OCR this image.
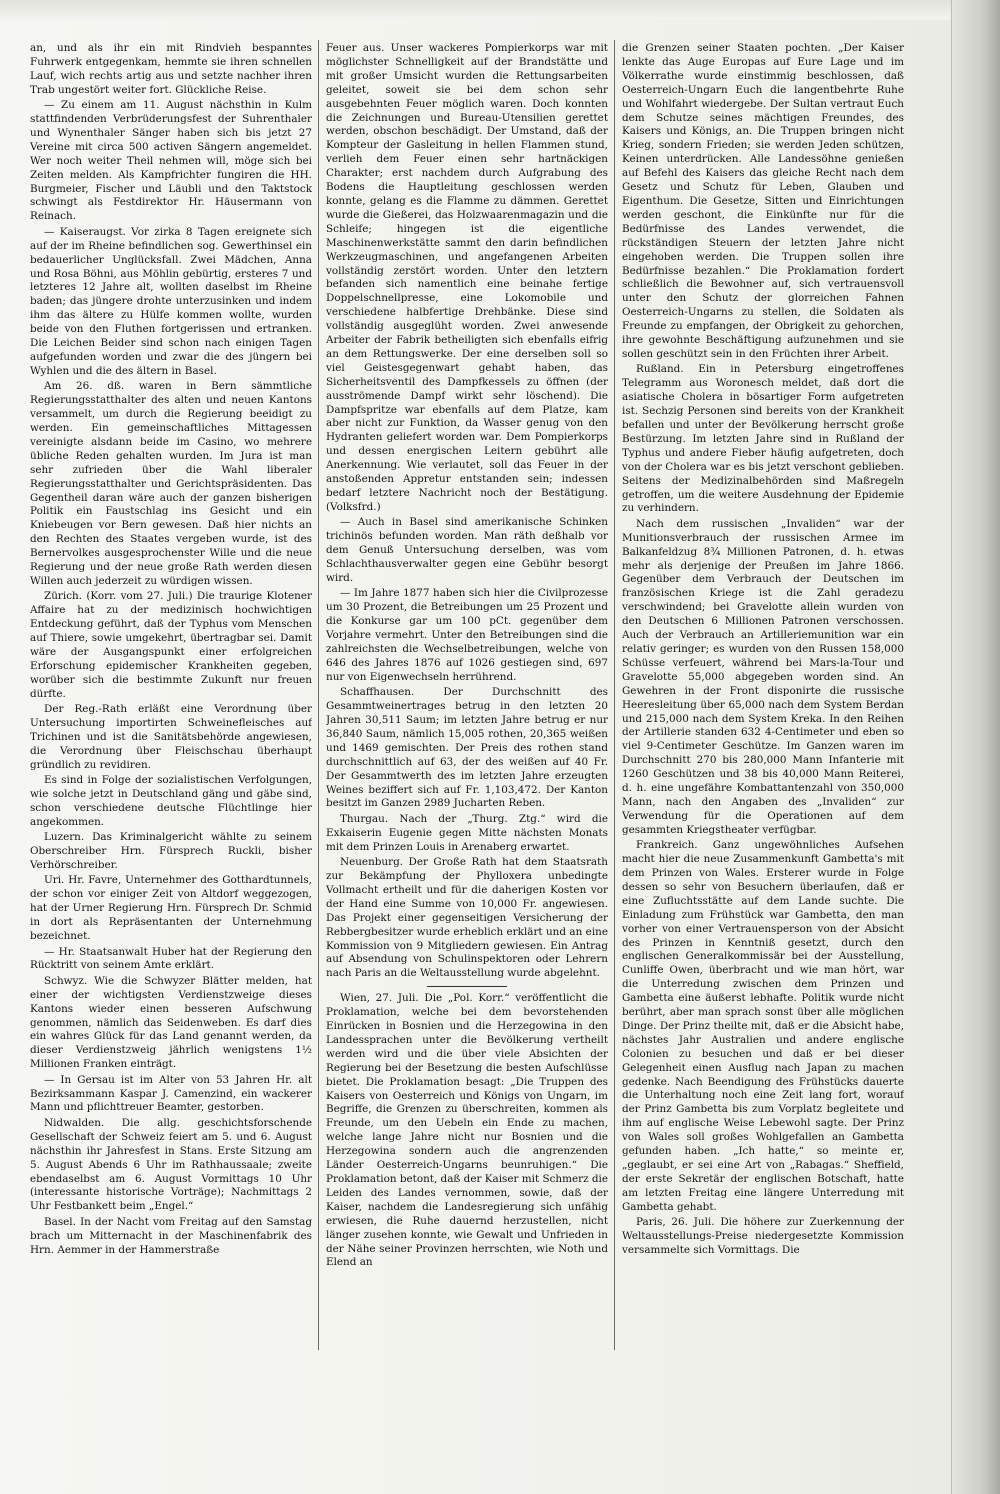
an, und als ihr ein mit Rindvieh bespanntes Fuhrwerk entgegenkam, hemmte sie ihren schnellen Lauf, wich rechts artig aus und setzte nachher ihren Trab ungestört weiter fort. Glückliche Reise.

— Zu einem am 11. August nächsthin in Kulm stattfindenden Verbrüderungsfest der Suhrenthaler und Wynenthaler Sänger haben sich bis jetzt 27 Vereine mit circa 500 activen Sängern angemeldet. Wer noch weiter Theil nehmen will, möge sich bei Zeiten melden. Als Kampfrichter fungiren die HH. Burgmeier, Fischer und Läubli und den Taktstock schwingt als Festdirektor Hr. Häusermann von Reinach.

— Kaiseraugst. Vor zirka 8 Tagen ereignete sich auf der im Rheine befindlichen sog. Gewerthinsel ein bedauerlicher Unglücksfall. Zwei Mädchen, Anna und Rosa Böhni, aus Möhlin gebürtig, ersteres 7 und letzteres 12 Jahre alt, wollten daselbst im Rheine baden; das jüngere drohte unterzusinken und indem ihm das ältere zu Hülfe kommen wollte, wurden beide von den Fluthen fortgerissen und ertranken. Die Leichen Beider sind schon nach einigen Tagen aufgefunden worden und zwar die des jüngern bei Wyhlen und die des ältern in Basel.

Am 26. dß. waren in Bern sämmtliche Regierungsstatthalter des alten und neuen Kantons versammelt, um durch die Regierung beeidigt zu werden. Ein gemeinschaftliches Mittagessen vereinigte alsdann beide im Casino, wo mehrere übliche Reden gehalten wurden. Im Jura ist man sehr zufrieden über die Wahl liberaler Regierungsstatthalter und Gerichtspräsidenten. Das Gegentheil daran wäre auch der ganzen bisherigen Politik ein Faustschlag ins Gesicht und ein Kniebeugen vor Bern gewesen. Daß hier nichts an den Rechten des Staates vergeben wurde, ist des Bernervolkes ausgesprochenster Wille und die neue Regierung und der neue große Rath werden diesen Willen auch jederzeit zu würdigen wissen.

Zürich. (Korr. vom 27. Juli.) Die traurige Klotener Affaire hat zu der medizinisch hochwichtigen Entdeckung geführt, daß der Typhus vom Menschen auf Thiere, sowie umgekehrt, übertragbar sei. Damit wäre der Ausgangspunkt einer erfolgreichen Erforschung epidemischer Krankheiten gegeben, worüber sich die bestimmte Zukunft nur freuen dürfte.

Der Reg.-Rath erläßt eine Verordnung über Untersuchung importirten Schweinefleisches auf Trichinen und ist die Sanitätsbehörde angewiesen, die Verordnung über Fleischschau überhaupt gründlich zu revidiren.

Es sind in Folge der sozialistischen Verfolgungen, wie solche jetzt in Deutschland gäng und gäbe sind, schon verschiedene deutsche Flüchtlinge hier angekommen.

Luzern. Das Kriminalgericht wählte zu seinem Oberschreiber Hrn. Fürsprech Ruckli, bisher Verhörschreiber.

Uri. Hr. Favre, Unternehmer des Gotthardtunnels, der schon vor einiger Zeit von Altdorf weggezogen, hat der Urner Regierung Hrn. Fürsprech Dr. Schmid in dort als Repräsentanten der Unternehmung bezeichnet.

— Hr. Staatsanwalt Huber hat der Regierung den Rücktritt von seinem Amte erklärt.

Schwyz. Wie die Schwyzer Blätter melden, hat einer der wichtigsten Verdienstzweige dieses Kantons wieder einen besseren Aufschwung genommen, nämlich das Seidenweben. Es darf dies ein wahres Glück für das Land genannt werden, da dieser Verdienstzweig jährlich wenigstens 1½ Millionen Franken einträgt.

— In Gersau ist im Alter von 53 Jahren Hr. alt Bezirksammann Kaspar J. Camenzind, ein wackerer Mann und pflichttreuer Beamter, gestorben.

Nidwalden. Die allg. geschichtsforschende Gesellschaft der Schweiz feiert am 5. und 6. August nächsthin ihr Jahresfest in Stans. Erste Sitzung am 5. August Abends 6 Uhr im Rathhaussaale; zweite ebendaselbst am 6. August Vormittags 10 Uhr (interessante historische Vorträge); Nachmittags 2 Uhr Festbankett beim „Engel.“

Basel. In der Nacht vom Freitag auf den Samstag brach um Mitternacht in der Maschinenfabrik des Hrn. Aemmer in der Hammerstraße

Feuer aus. Unser wackeres Pompierkorps war mit möglichster Schnelligkeit auf der Brandstätte und mit großer Umsicht wurden die Rettungsarbeiten geleitet, soweit sie bei dem schon sehr ausgebehnten Feuer möglich waren. Doch konnten die Zeichnungen und Bureau-Utensilien gerettet werden, obschon beschädigt. Der Umstand, daß der Kompteur der Gasleitung in hellen Flammen stund, verlieh dem Feuer einen sehr hartnäckigen Charakter; erst nachdem durch Aufgrabung des Bodens die Hauptleitung geschlossen werden konnte, gelang es die Flamme zu dämmen. Gerettet wurde die Gießerei, das Holzwaarenmagazin und die Schleife; hingegen ist die eigentliche Maschinenwerkstätte sammt den darin befindlichen Werkzeugmaschinen, und angefangenen Arbeiten vollständig zerstört worden. Unter den letztern befanden sich namentlich eine beinahe fertige Doppelschnellpresse, eine Lokomobile und verschiedene halbfertige Drehbänke. Diese sind vollständig ausgeglüht worden. Zwei anwesende Arbeiter der Fabrik betheiligten sich ebenfalls eifrig an dem Rettungswerke. Der eine derselben soll so viel Geistesgegenwart gehabt haben, das Sicherheitsventil des Dampfkessels zu öffnen (der ausströmende Dampf wirkt sehr löschend). Die Dampfspritze war ebenfalls auf dem Platze, kam aber nicht zur Funktion, da Wasser genug von den Hydranten geliefert worden war. Dem Pompierkorps und dessen energischen Leitern gebührt alle Anerkennung. Wie verlautet, soll das Feuer in der anstoßenden Appretur entstanden sein; indessen bedarf letztere Nachricht noch der Bestätigung. (Volksfrd.)

— Auch in Basel sind amerikanische Schinken trichinös befunden worden. Man räth deßhalb vor dem Genuß Untersuchung derselben, was vom Schlachthausverwalter gegen eine Gebühr besorgt wird.

— Im Jahre 1877 haben sich hier die Civilprozesse um 30 Prozent, die Betreibungen um 25 Prozent und die Konkurse gar um 100 pCt. gegenüber dem Vorjahre vermehrt. Unter den Betreibungen sind die zahlreichsten die Wechselbetreibungen, welche von 646 des Jahres 1876 auf 1026 gestiegen sind, 697 nur von Eigenwechseln herrührend.

Schaffhausen. Der Durchschnitt des Gesammtweinertrages betrug in den letzten 20 Jahren 30,511 Saum; im letzten Jahre betrug er nur 36,840 Saum, nämlich 15,005 rothen, 20,365 weißen und 1469 gemischten. Der Preis des rothen stand durchschnittlich auf 63, der des weißen auf 40 Fr. Der Gesammtwerth des im letzten Jahre erzeugten Weines beziffert sich auf Fr. 1,103,472. Der Kanton besitzt im Ganzen 2989 Jucharten Reben.

Thurgau. Nach der „Thurg. Ztg.“ wird die Exkaiserin Eugenie gegen Mitte nächsten Monats mit dem Prinzen Louis in Arenaberg erwartet.

Neuenburg. Der Große Rath hat dem Staatsrath zur Bekämpfung der Phylloxera unbedingte Vollmacht ertheilt und für die daherigen Kosten vor der Hand eine Summe von 10,000 Fr. angewiesen. Das Projekt einer gegenseitigen Versicherung der Rebbergbesitzer wurde erheblich erklärt und an eine Kommission von 9 Mitgliedern gewiesen. Ein Antrag auf Absendung von Schulinspektoren oder Lehrern nach Paris an die Weltausstellung wurde abgelehnt.

Wien, 27. Juli. Die „Pol. Korr.“ veröffentlicht die Proklamation, welche bei dem bevorstehenden Einrücken in Bosnien und die Herzegowina in den Landessprachen unter die Bevölkerung vertheilt werden wird und die über viele Absichten der Regierung bei der Besetzung die besten Aufschlüsse bietet. Die Proklamation besagt: „Die Truppen des Kaisers von Oesterreich und Königs von Ungarn, im Begriffe, die Grenzen zu überschreiten, kommen als Freunde, um den Uebeln ein Ende zu machen, welche lange Jahre nicht nur Bosnien und die Herzegowina sondern auch die angrenzenden Länder Oesterreich-Ungarns beunruhigen.“ Die Proklamation betont, daß der Kaiser mit Schmerz die Leiden des Landes vernommen, sowie, daß der Kaiser, nachdem die Landesregierung sich unfähig erwiesen, die Ruhe dauernd herzustellen, nicht länger zusehen konnte, wie Gewalt und Unfrieden in der Nähe seiner Provinzen herrschten, wie Noth und Elend an

die Grenzen seiner Staaten pochten. „Der Kaiser lenkte das Auge Europas auf Eure Lage und im Völkerrathe wurde einstimmig beschlossen, daß Oesterreich-Ungarn Euch die langentbehrte Ruhe und Wohlfahrt wiedergebe. Der Sultan vertraut Euch dem Schutze seines mächtigen Freundes, des Kaisers und Königs, an. Die Truppen bringen nicht Krieg, sondern Frieden; sie werden Jeden schützen, Keinen unterdrücken. Alle Landessöhne genießen auf Befehl des Kaisers das gleiche Recht nach dem Gesetz und Schutz für Leben, Glauben und Eigenthum. Die Gesetze, Sitten und Einrichtungen werden geschont, die Einkünfte nur für die Bedürfnisse des Landes verwendet, die rückständigen Steuern der letzten Jahre nicht eingehoben werden. Die Truppen sollen ihre Bedürfnisse bezahlen.“ Die Proklamation fordert schließlich die Bewohner auf, sich vertrauensvoll unter den Schutz der glorreichen Fahnen Oesterreich-Ungarns zu stellen, die Soldaten als Freunde zu empfangen, der Obrigkeit zu gehorchen, ihre gewohnte Beschäftigung aufzunehmen und sie sollen geschützt sein in den Früchten ihrer Arbeit.

Rußland. Ein in Petersburg eingetroffenes Telegramm aus Woronesch meldet, daß dort die asiatische Cholera in bösartiger Form aufgetreten ist. Sechzig Personen sind bereits von der Krankheit befallen und unter der Bevölkerung herrscht große Bestürzung. Im letzten Jahre sind in Rußland der Typhus und andere Fieber häufig aufgetreten, doch von der Cholera war es bis jetzt verschont geblieben. Seitens der Medizinalbehörden sind Maßregeln getroffen, um die weitere Ausdehnung der Epidemie zu verhindern.

Nach dem russischen „Invaliden“ war der Munitionsverbrauch der russischen Armee im Balkanfeldzug 8¾ Millionen Patronen, d. h. etwas mehr als derjenige der Preußen im Jahre 1866. Gegenüber dem Verbrauch der Deutschen im französischen Kriege ist die Zahl geradezu verschwindend; bei Gravelotte allein wurden von den Deutschen 6 Millionen Patronen verschossen. Auch der Verbrauch an Artilleriemunition war ein relativ geringer; es wurden von den Russen 158,000 Schüsse verfeuert, während bei Mars-la-Tour und Gravelotte 55,000 abgegeben worden sind. An Gewehren in der Front disponirte die russische Heeresleitung über 65,000 nach dem System Berdan und 215,000 nach dem System Kreka. In den Reihen der Artillerie standen 632 4-Centimeter und eben so viel 9-Centimeter Geschütze. Im Ganzen waren im Durchschnitt 270 bis 280,000 Mann Infanterie mit 1260 Geschützen und 38 bis 40,000 Mann Reiterei, d. h. eine ungefähre Kombattantenzahl von 350,000 Mann, nach den Angaben des „Invaliden“ zur Verwendung für die Operationen auf dem gesammten Kriegstheater verfügbar.

Frankreich. Ganz ungewöhnliches Aufsehen macht hier die neue Zusammenkunft Gambetta's mit dem Prinzen von Wales. Ersterer wurde in Folge dessen so sehr von Besuchern überlaufen, daß er eine Zufluchtsstätte auf dem Lande suchte. Die Einladung zum Frühstück war Gambetta, den man vorher von einer Vertrauensperson von der Absicht des Prinzen in Kenntniß gesetzt, durch den englischen Generalkommissär bei der Ausstellung, Cunliffe Owen, überbracht und wie man hört, war die Unterredung zwischen dem Prinzen und Gambetta eine äußerst lebhafte. Politik wurde nicht berührt, aber man sprach sonst über alle möglichen Dinge. Der Prinz theilte mit, daß er die Absicht habe, nächstes Jahr Australien und andere englische Colonien zu besuchen und daß er bei dieser Gelegenheit einen Ausflug nach Japan zu machen gedenke. Nach Beendigung des Frühstücks dauerte die Unterhaltung noch eine Zeit lang fort, worauf der Prinz Gambetta bis zum Vorplatz begleitete und ihm auf englische Weise Lebewohl sagte. Der Prinz von Wales soll großes Wohlgefallen an Gambetta gefunden haben. „Ich hatte,“ so meinte er, „geglaubt, er sei eine Art von „Rabagas.“ Sheffield, der erste Sekretär der englischen Botschaft, hatte am letzten Freitag eine längere Unterredung mit Gambetta gehabt.

Paris, 26. Juli. Die höhere zur Zuerkennung der Weltausstellungs-Preise niedergesetzte Kommission versammelte sich Vormittags. Die
